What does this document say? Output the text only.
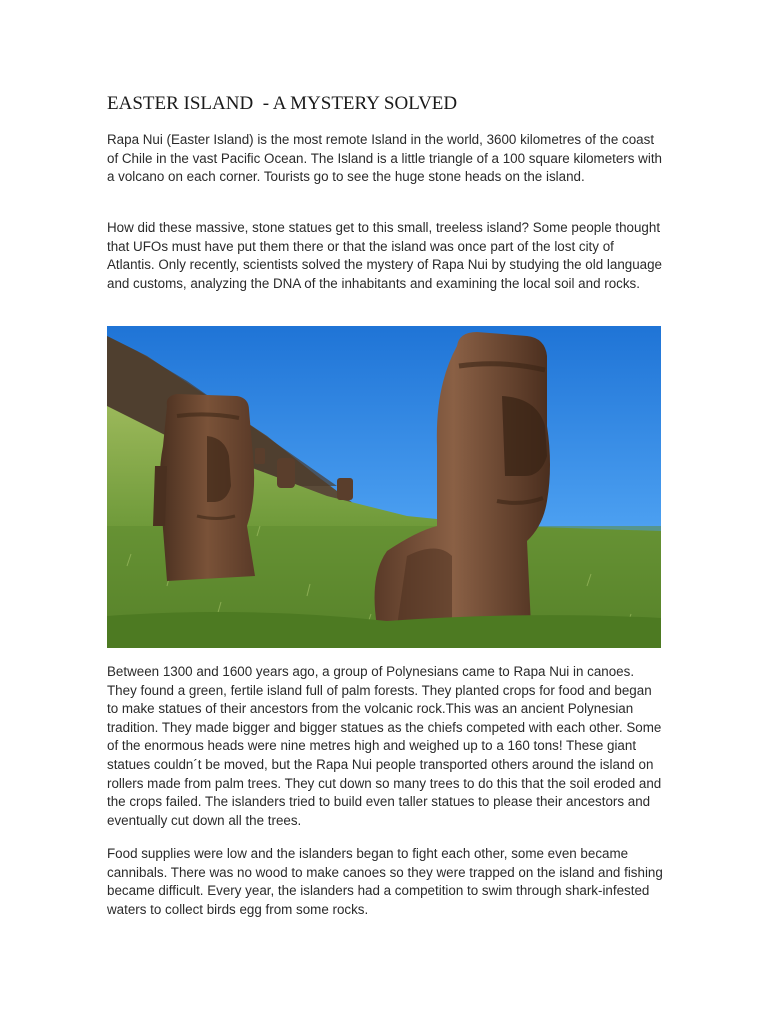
EASTER ISLAND  - A MYSTERY SOLVED

Rapa Nui (Easter Island) is the most remote Island in the world, 3600 kilometres of the coast of Chile in the vast Pacific Ocean. The Island is a little triangle of a 100 square kilometers with a volcano on each corner. Tourists go to see the huge stone heads on the island.

How did these massive, stone statues get to this small, treeless island? Some people thought that UFOs must have put them there or that the island was once part of the lost city of Atlantis. Only recently, scientists solved the mystery of Rapa Nui by studying the old language and customs, analyzing the DNA of the inhabitants and examining the local soil and rocks.

Between 1300 and 1600 years ago, a group of Polynesians came to Rapa Nui in canoes. They found a green, fertile island full of palm forests. They planted crops for food and began to make statues of their ancestors from the volcanic rock.This was an ancient Polynesian tradition. They made bigger and bigger statues as the chiefs competed with each other. Some of the enormous heads were nine metres high and weighed up to a 160 tons! These giant statues couldn´t be moved, but the Rapa Nui people transported others around the island on rollers made from palm trees. They cut down so many trees to do this that the soil eroded and the crops failed. The islanders tried to build even taller statues to please their ancestors and eventually cut down all the trees.

Food supplies were low and the islanders began to fight each other, some even became cannibals. There was no wood to make canoes so they were trapped on the island and fishing became difficult. Every year, the islanders had a competition to swim through shark-infested waters to collect birds egg from some rocks.
